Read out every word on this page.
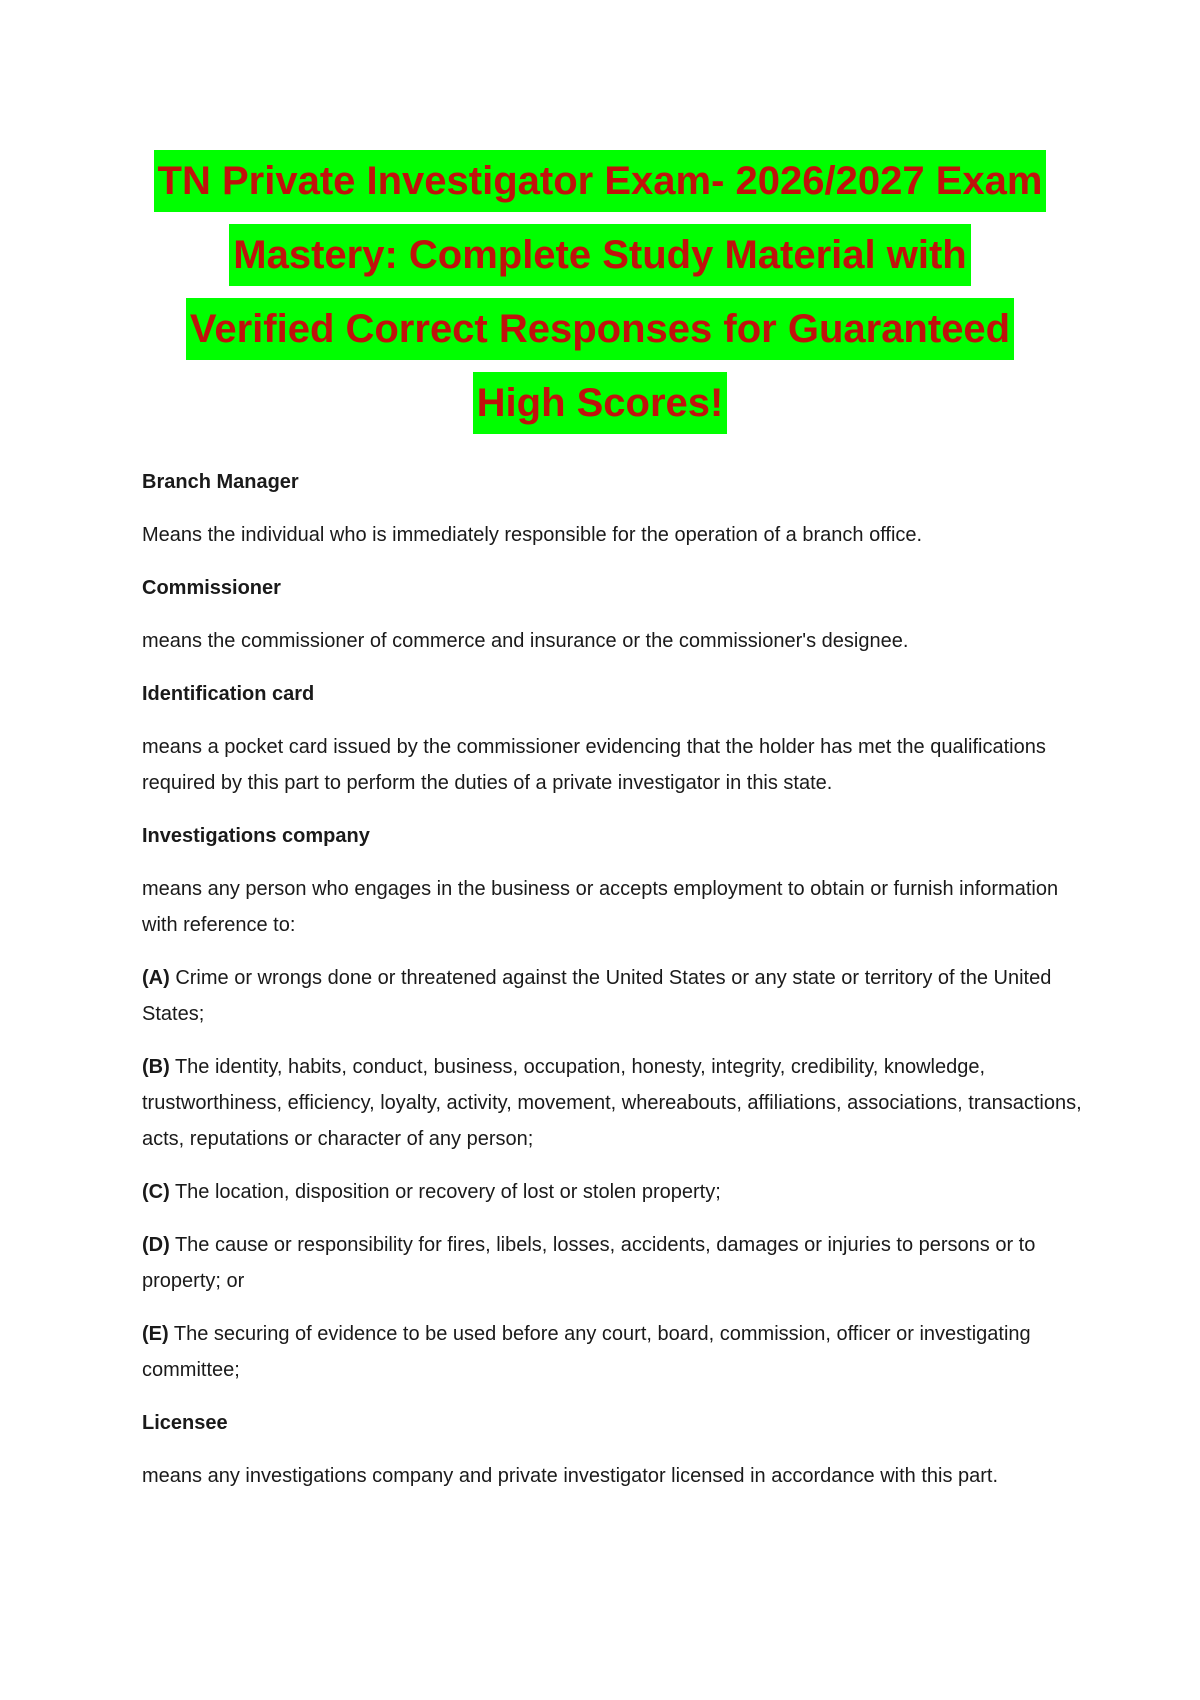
TN Private Investigator Exam- 2026/2027 Exam
Mastery: Complete Study Material with
Verified Correct Responses for Guaranteed
High Scores!
Branch Manager
Means the individual who is immediately responsible for the operation of a branch office.
Commissioner
means the commissioner of commerce and insurance or the commissioner's designee.
Identification card
means a pocket card issued by the commissioner evidencing that the holder has met the qualifications required by this part to perform the duties of a private investigator in this state.
Investigations company
means any person who engages in the business or accepts employment to obtain or furnish information with reference to:
(A) Crime or wrongs done or threatened against the United States or any state or territory of the United States;
(B) The identity, habits, conduct, business, occupation, honesty, integrity, credibility, knowledge, trustworthiness, efficiency, loyalty, activity, movement, whereabouts, affiliations, associations, transactions, acts, reputations or character of any person;
(C) The location, disposition or recovery of lost or stolen property;
(D) The cause or responsibility for fires, libels, losses, accidents, damages or injuries to persons or to property; or
(E) The securing of evidence to be used before any court, board, commission, officer or investigating committee;
Licensee
means any investigations company and private investigator licensed in accordance with this part.
